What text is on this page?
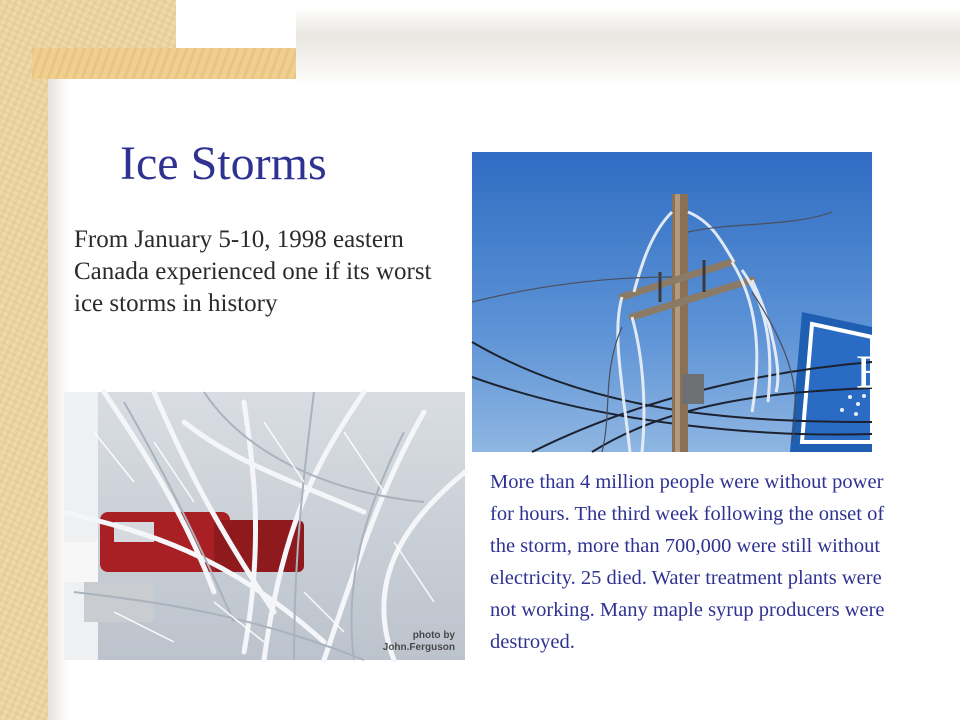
Ice Storms
From January 5-10, 1998 eastern Canada experienced one if its worst ice storms in history
E
photo by
John.Ferguson
More than 4 million people were without power for hours. The third week following the onset of the storm, more than 700,000 were still without electricity. 25 died. Water treatment plants were not working. Many maple syrup producers were destroyed.
